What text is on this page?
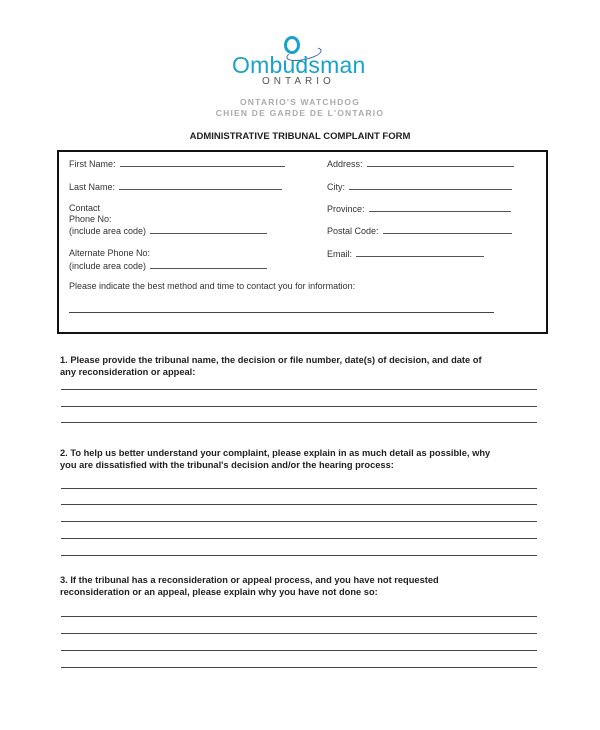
Ombudsman
ONTARIO
ONTARIO'S WATCHDOG
CHIEN DE GARDE DE L'ONTARIO
ADMINISTRATIVE TRIBUNAL COMPLAINT FORM
First Name:
Last Name:
Contact
Phone No:
(include area code)
Alternate Phone No:
(include area code)
Address:
City:
Province:
Postal Code:
Email:
Please indicate the best method and time to contact you for information:
1. Please provide the tribunal name, the decision or file number, date(s) of decision, and date of
any reconsideration or appeal:
2. To help us better understand your complaint, please explain in as much detail as possible, why
you are dissatisfied with the tribunal's decision and/or the hearing process:
3. If the tribunal has a reconsideration or appeal process, and you have not requested
reconsideration or an appeal, please explain why you have not done so:
